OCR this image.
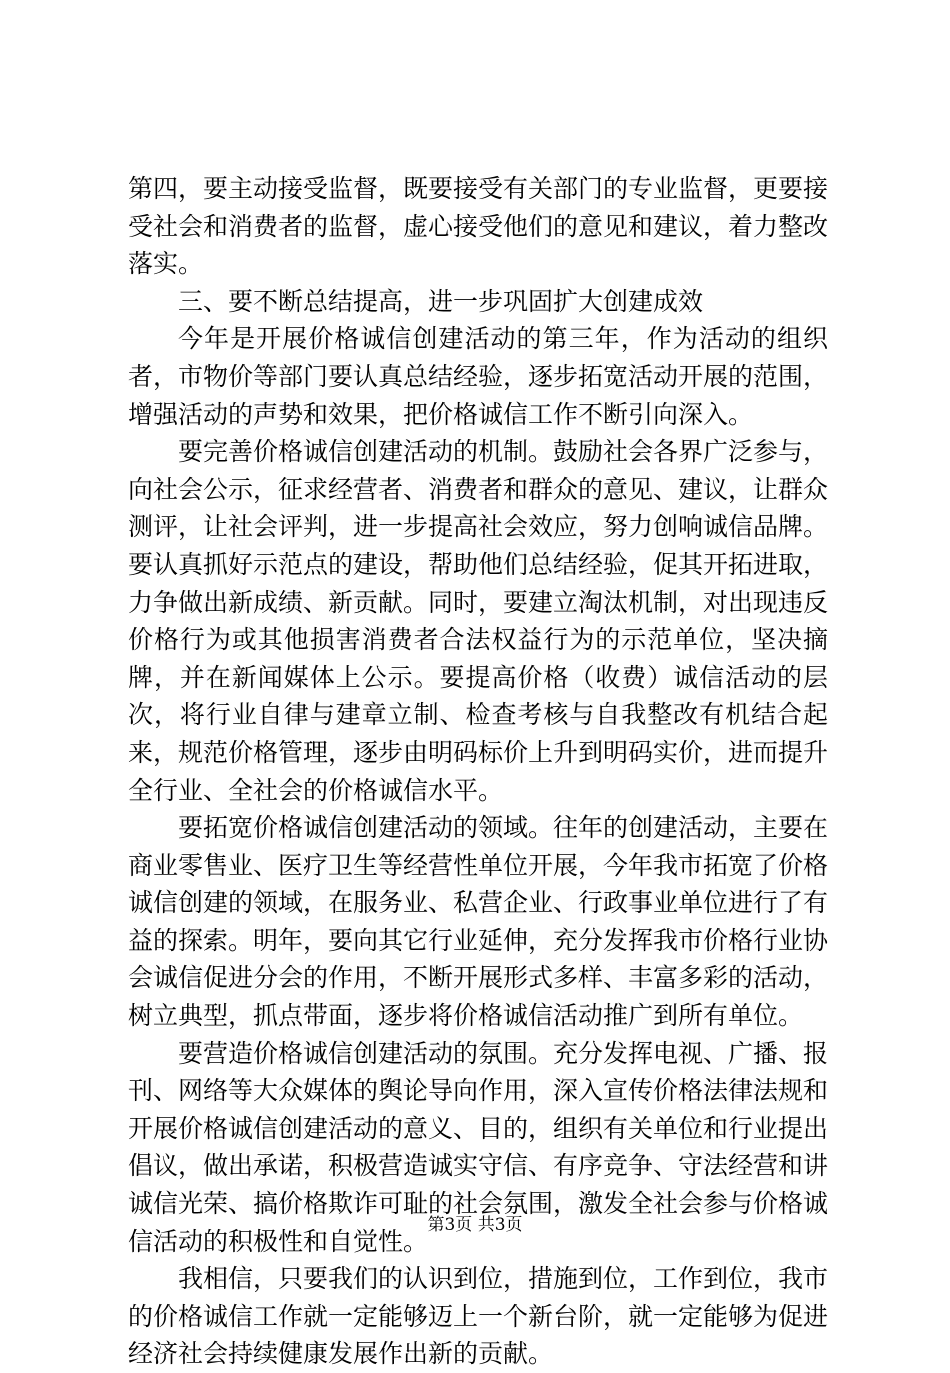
第四，要主动接受监督，既要接受有关部门的专业监督，更要接受社会和消费者的监督，虚心接受他们的意见和建议，着力整改落实。

三、要不断总结提高，进一步巩固扩大创建成效

今年是开展价格诚信创建活动的第三年，作为活动的组织者，市物价等部门要认真总结经验，逐步拓宽活动开展的范围，增强活动的声势和效果，把价格诚信工作不断引向深入。

要完善价格诚信创建活动的机制。鼓励社会各界广泛参与，向社会公示，征求经营者、消费者和群众的意见、建议，让群众测评，让社会评判，进一步提高社会效应，努力创响诚信品牌。要认真抓好示范点的建设，帮助他们总结经验，促其开拓进取，力争做出新成绩、新贡献。同时，要建立淘汰机制，对出现违反价格行为或其他损害消费者合法权益行为的示范单位，坚决摘牌，并在新闻媒体上公示。要提高价格（收费）诚信活动的层次，将行业自律与建章立制、检查考核与自我整改有机结合起来，规范价格管理，逐步由明码标价上升到明码实价，进而提升全行业、全社会的价格诚信水平。

要拓宽价格诚信创建活动的领域。往年的创建活动，主要在商业零售业、医疗卫生等经营性单位开展，今年我市拓宽了价格诚信创建的领域，在服务业、私营企业、行政事业单位进行了有益的探索。明年，要向其它行业延伸，充分发挥我市价格行业协会诚信促进分会的作用，不断开展形式多样、丰富多彩的活动，树立典型，抓点带面，逐步将价格诚信活动推广到所有单位。

要营造价格诚信创建活动的氛围。充分发挥电视、广播、报刊、网络等大众媒体的舆论导向作用，深入宣传价格法律法规和开展价格诚信创建活动的意义、目的，组织有关单位和行业提出倡议，做出承诺，积极营造诚实守信、有序竞争、守法经营和讲诚信光荣、搞价格欺诈可耻的社会氛围，激发全社会参与价格诚信活动的积极性和自觉性。

我相信，只要我们的认识到位，措施到位，工作到位，我市的价格诚信工作就一定能够迈上一个新台阶，就一定能够为促进经济社会持续健康发展作出新的贡献。

第3页 共3页
